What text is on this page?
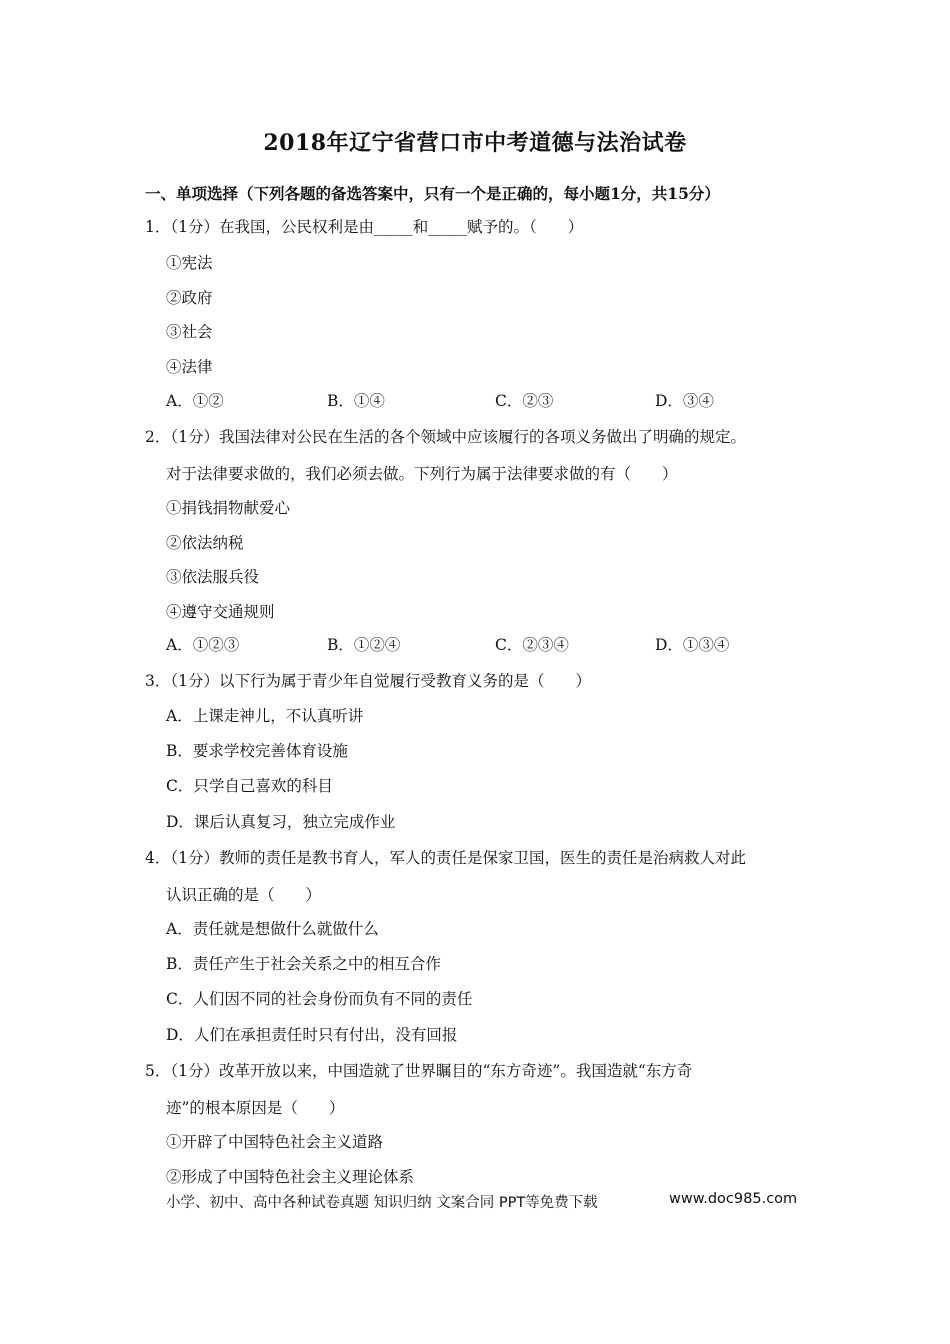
2018年辽宁省营口市中考道德与法治试卷
一、单项选择（下列各题的备选答案中，只有一个是正确的，每小题1分，共15分）
1．（1分）在我国，公民权利是由_____和_____赋予的。（　　）
①宪法
②政府
③社会
④法律
A．①②	B．①④	C．②③	D．③④
2．（1分）我国法律对公民在生活的各个领域中应该履行的各项义务做出了明确的规定。
对于法律要求做的，我们必须去做。下列行为属于法律要求做的有（　　）
①捐钱捐物献爱心
②依法纳税
③依法服兵役
④遵守交通规则
A．①②③	B．①②④	C．②③④	D．①③④
3．（1分）以下行为属于青少年自觉履行受教育义务的是（　　）
A．上课走神儿，不认真听讲
B．要求学校完善体育设施
C．只学自己喜欢的科目
D．课后认真复习，独立完成作业
4．（1分）教师的责任是教书育人，军人的责任是保家卫国，医生的责任是治病救人对此
认识正确的是（　　）
A．责任就是想做什么就做什么
B．责任产生于社会关系之中的相互合作
C．人们因不同的社会身份而负有不同的责任
D．人们在承担责任时只有付出，没有回报
5．（1分）改革开放以来，中国造就了世界瞩目的“东方奇迹”。我国造就“东方奇
迹”的根本原因是（　　）
①开辟了中国特色社会主义道路
②形成了中国特色社会主义理论体系
小学、初中、高中各种试卷真题 知识归纳 文案合同 PPT等免费下载	www.doc985.com
